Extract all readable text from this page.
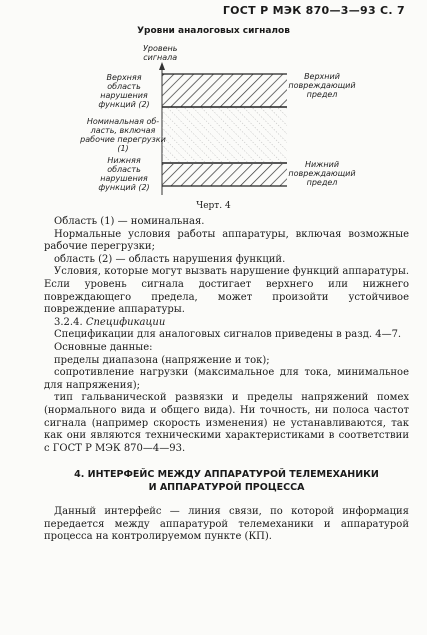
ГОСТ Р МЭК 870—3—93 С. 7
Уровни аналоговых сигналов
Уровень
сигнала
Верхняя
область
нарушения
функций (2)
Номинальная об-
ласть, включая
рабочие перегрузки
(1)
Нижняя
область
нарушения
функций (2)
Верхний
повреждающий
предел
Нижний
повреждающий
предел
Черт. 4

Область (1) — номинальная.

Нормальные условия работы аппаратуры, включая возможные рабочие перегрузки;

область (2) — область нарушения функций.

Условия, которые могут вызвать нарушение функций аппаратуры. Если уровень сигнала достигает верхнего или нижнего повреждающего предела, может произойти устойчивое повреждение аппаратуры.

3.2.4. Спецификации

Спецификации для аналоговых сигналов приведены в разд. 4—7.

Основные данные:

пределы диапазона (напряжение и ток);

сопротивление нагрузки (максимальное для тока, минимальное для напряжения);

тип гальванической развязки и пределы напряжений помех (нормального вида и общего вида). Ни точность, ни полоса частот сигнала (например скорость изменения) не устанавливаются, так как они являются техническими характеристиками в соответствии с ГОСТ Р МЭК 870—4—93.

4. ИНТЕРФЕЙС МЕЖДУ АППАРАТУРОЙ ТЕЛЕМЕХАНИКИ
И АППАРАТУРОЙ ПРОЦЕССА

Данный интерфейс — линия связи, по которой информация передается между аппаратурой телемеханики и аппаратурой процесса на контролируемом пункте (КП).
